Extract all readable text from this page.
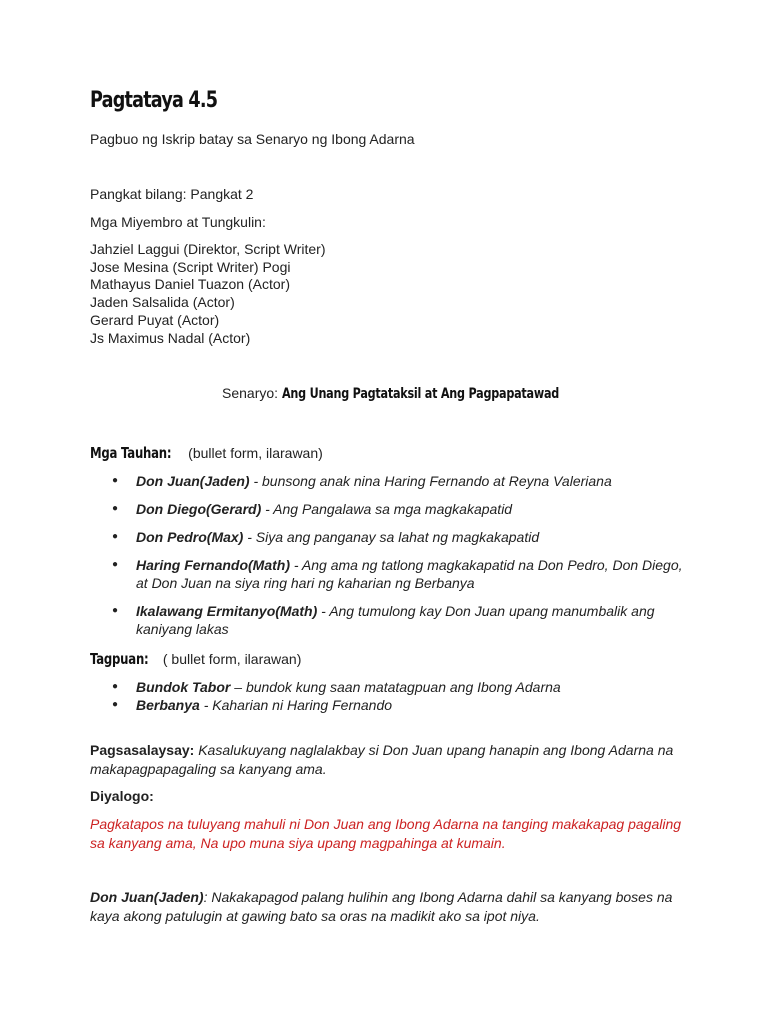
Pagtataya 4.5
Pagbuo ng Iskrip batay sa Senaryo ng Ibong Adarna
Pangkat bilang: Pangkat 2
Mga Miyembro at Tungkulin:
Jahziel Laggui (Direktor, Script Writer)
Jose Mesina (Script Writer) Pogi
Mathayus Daniel Tuazon (Actor)
Jaden Salsalida (Actor)
Gerard Puyat (Actor)
Js Maximus Nadal (Actor)
Senaryo: Ang Unang Pagtataksil at Ang Pagpapatawad
Mga Tauhan: (bullet form, ilarawan)
● Don Juan(Jaden) - bunsong anak nina Haring Fernando at Reyna Valeriana
● Don Diego(Gerard) - Ang Pangalawa sa mga magkakapatid
● Don Pedro(Max) - Siya ang panganay sa lahat ng magkakapatid
● Haring Fernando(Math) - Ang ama ng tatlong magkakapatid na Don Pedro, Don Diego, at Don Juan na siya ring hari ng kaharian ng Berbanya
● Ikalawang Ermitanyo(Math) - Ang tumulong kay Don Juan upang manumbalik ang kaniyang lakas
Tagpuan: ( bullet form, ilarawan)
● Bundok Tabor – bundok kung saan matatagpuan ang Ibong Adarna
● Berbanya - Kaharian ni Haring Fernando
Pagsasalaysay: Kasalukuyang naglalakbay si Don Juan upang hanapin ang Ibong Adarna na makapagpapagaling sa kanyang ama.
Diyalogo:
Pagkatapos na tuluyang mahuli ni Don Juan ang Ibong Adarna na tanging makakapag pagaling sa kanyang ama, Na upo muna siya upang magpahinga at kumain.
Don Juan(Jaden): Nakakapagod palang hulihin ang Ibong Adarna dahil sa kanyang boses na kaya akong patulugin at gawing bato sa oras na madikit ako sa ipot niya.
